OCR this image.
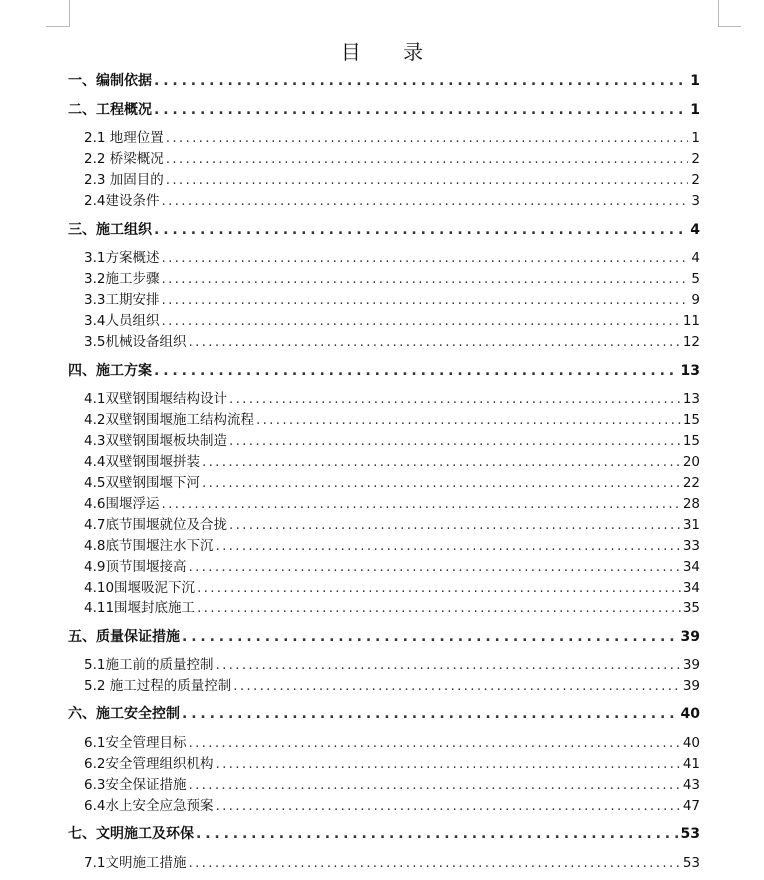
目 录
一、编制依据 . . .	1
二、工程概况 . . .	1
2.1 地理位置 . . .	1
2.2 桥梁概况 . . .	2
2.3 加固目的 . . .	2
2.4建设条件 . . .	3
三、施工组织 . . .	4
3.1方案概述 . . .	4
3.2施工步骤 . . .	5
3.3工期安排 . . .	9
3.4人员组织 . . .	11
3.5机械设备组织 . . .	12
四、施工方案 . . .	13
4.1双壁钢围堰结构设计 . . .	13
4.2双壁钢围堰施工结构流程 . . .	15
4.3双壁钢围堰板块制造 . . .	15
4.4双壁钢围堰拼装 . . .	20
4.5双壁钢围堰下河 . . .	22
4.6围堰浮运 . . .	28
4.7底节围堰就位及合拢 . . .	31
4.8底节围堰注水下沉 . . .	33
4.9顶节围堰接高 . . .	34
4.10围堰吸泥下沉 . . .	34
4.11围堰封底施工 . . .	35
五、质量保证措施 . . .	39
5.1施工前的质量控制 . . .	39
5.2 施工过程的质量控制 . . .	39
六、施工安全控制 . . .	40
6.1安全管理目标 . . .	40
6.2安全管理组织机构 . . .	41
6.3安全保证措施 . . .	43
6.4水上安全应急预案 . . .	47
七、文明施工及环保 . . .	53
7.1文明施工措施 . . .	53
